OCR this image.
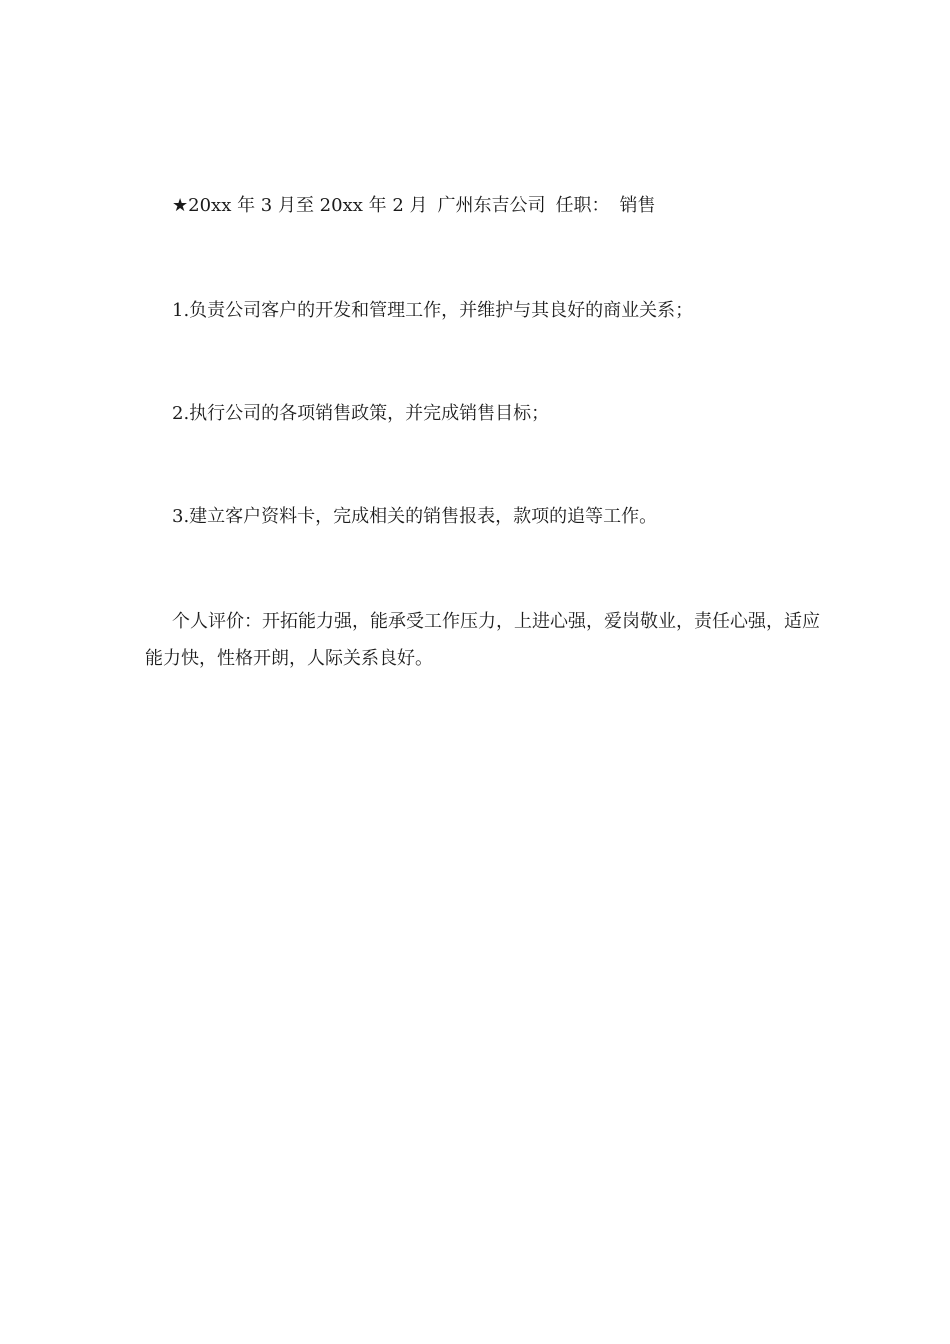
★20xx 年 3 月至 20xx 年 2 月 广州东吉公司 任职： 销售
1.负责公司客户的开发和管理工作，并维护与其良好的商业关系；
2.执行公司的各项销售政策，并完成销售目标；
3.建立客户资料卡，完成相关的销售报表，款项的追等工作。
个人评价：开拓能力强，能承受工作压力，上进心强，爱岗敬业，责任心强，适应能力快，性格开朗，人际关系良好。
